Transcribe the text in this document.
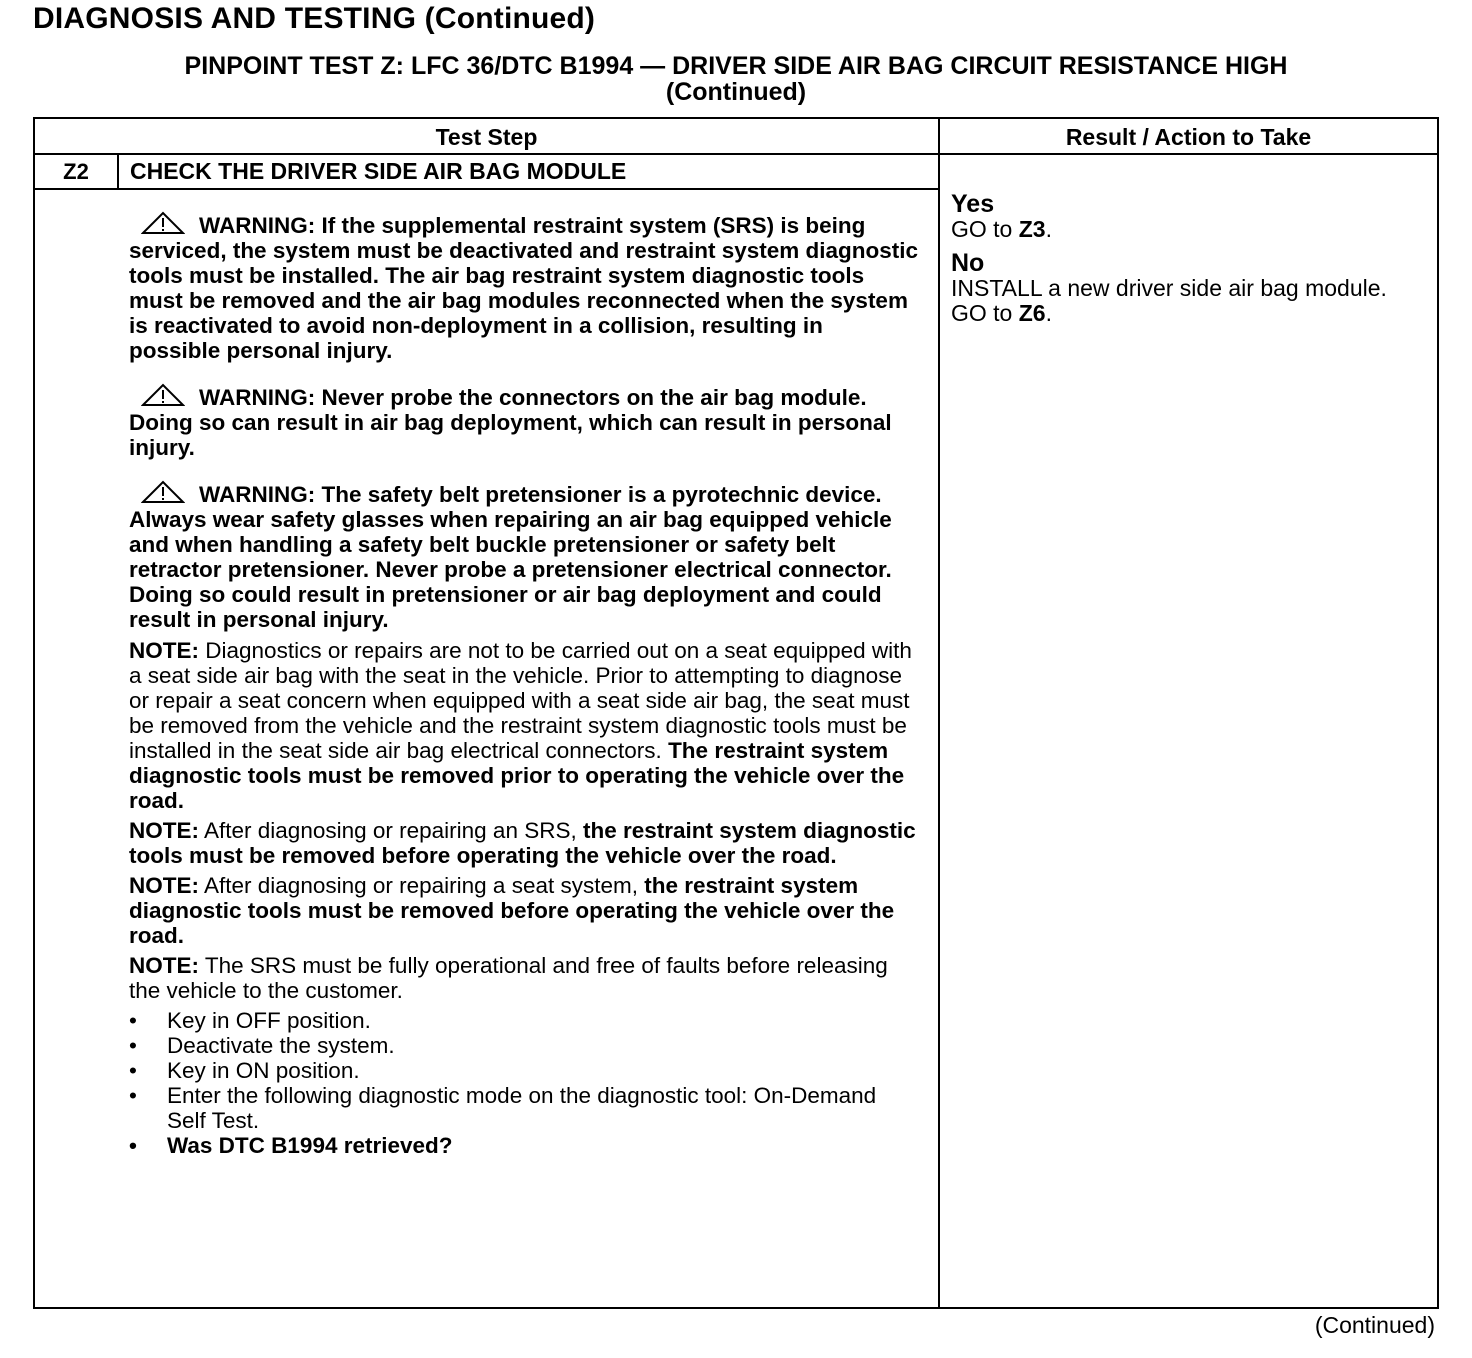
DIAGNOSIS AND TESTING (Continued)
PINPOINT TEST Z: LFC 36/DTC B1994 — DRIVER SIDE AIR BAG CIRCUIT RESISTANCE HIGH
(Continued)
Test Step	Result / Action to Take
Z2	CHECK THE DRIVER SIDE AIR BAG MODULE
WARNING: If the supplemental restraint system (SRS) is being serviced, the system must be deactivated and restraint system diagnostic tools must be installed. The air bag restraint system diagnostic tools must be removed and the air bag modules reconnected when the system is reactivated to avoid non-deployment in a collision, resulting in possible personal injury.
WARNING: Never probe the connectors on the air bag module. Doing so can result in air bag deployment, which can result in personal injury.
WARNING: The safety belt pretensioner is a pyrotechnic device. Always wear safety glasses when repairing an air bag equipped vehicle and when handling a safety belt buckle pretensioner or safety belt retractor pretensioner. Never probe a pretensioner electrical connector. Doing so could result in pretensioner or air bag deployment and could result in personal injury.
NOTE: Diagnostics or repairs are not to be carried out on a seat equipped with a seat side air bag with the seat in the vehicle. Prior to attempting to diagnose or repair a seat concern when equipped with a seat side air bag, the seat must be removed from the vehicle and the restraint system diagnostic tools must be installed in the seat side air bag electrical connectors. The restraint system diagnostic tools must be removed prior to operating the vehicle over the road.
NOTE: After diagnosing or repairing an SRS, the restraint system diagnostic tools must be removed before operating the vehicle over the road.
NOTE: After diagnosing or repairing a seat system, the restraint system diagnostic tools must be removed before operating the vehicle over the road.
NOTE: The SRS must be fully operational and free of faults before releasing the vehicle to the customer.
• Key in OFF position.
• Deactivate the system.
• Key in ON position.
• Enter the following diagnostic mode on the diagnostic tool: On-Demand Self Test.
• Was DTC B1994 retrieved?
Yes
GO to Z3.
No
INSTALL a new driver side air bag module. GO to Z6.
(Continued)
